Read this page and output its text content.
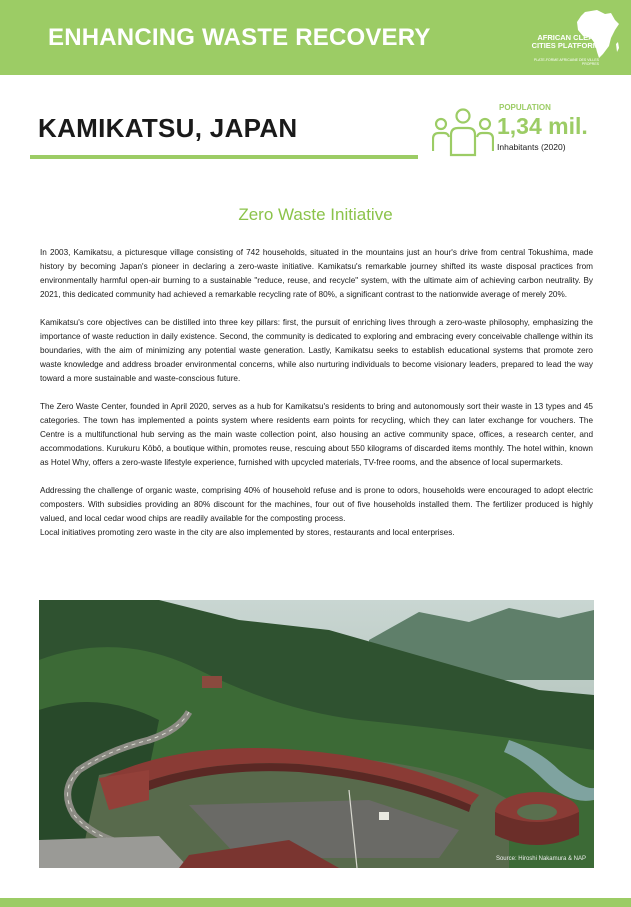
ENHANCING WASTE RECOVERY	AFRICAN CLEAN
CITIES PLATFORM
PLATE-FORME AFRICAINE DES VILLES PROPRES
KAMIKATSU, JAPAN
POPULATION
1,34 mil.
Inhabitants (2020)
Zero Waste Initiative

In 2003, Kamikatsu, a picturesque village consisting of 742 households, situated in the mountains just an hour's drive from central Tokushima, made history by becoming Japan's pioneer in declaring a zero-waste initiative. Kamikatsu's remarkable journey shifted its waste disposal practices from environmentally harmful open-air burning to a sustainable "reduce, reuse, and recycle" system, with the ultimate aim of achieving carbon neutrality. By 2021, this dedicated community had achieved a remarkable recycling rate of 80%, a significant contrast to the nationwide average of merely 20%.

Kamikatsu's core objectives can be distilled into three key pillars: first, the pursuit of enriching lives through a zero-waste philosophy, emphasizing the importance of waste reduction in daily existence. Second, the community is dedicated to exploring and embracing every conceivable challenge within its boundaries, with the aim of minimizing any potential waste generation. Lastly, Kamikatsu seeks to establish educational systems that promote zero waste knowledge and address broader environmental concerns, while also nurturing individuals to become visionary leaders, prepared to lead the way toward a more sustainable and waste-conscious future.

The Zero Waste Center, founded in April 2020, serves as a hub for Kamikatsu's residents to bring and autonomously sort their waste in 13 types and 45 categories. The town has implemented a points system where residents earn points for recycling, which they can later exchange for vouchers. The Centre is a multifunctional hub serving as the main waste collection point, also housing an active community space, offices, a research center, and accommodations. Kurukuru Kōbō, a boutique within, promotes reuse, rescuing about 550 kilograms of discarded items monthly. The hotel within, known as Hotel Why, offers a zero-waste lifestyle experience, furnished with upcycled materials, TV-free rooms, and the absence of local supermarkets.

Addressing the challenge of organic waste, comprising 40% of household refuse and is prone to odors, households were encouraged to adopt electric composters. With subsidies providing an 80% discount for the machines, four out of five households installed them. The fertilizer produced is highly valued, and local cedar wood chips are readily available for the composting process.

Local initiatives promoting zero waste in the city are also implemented by stores, restaurants and local enterprises.

Source: Hiroshi Nakamura & NAP
